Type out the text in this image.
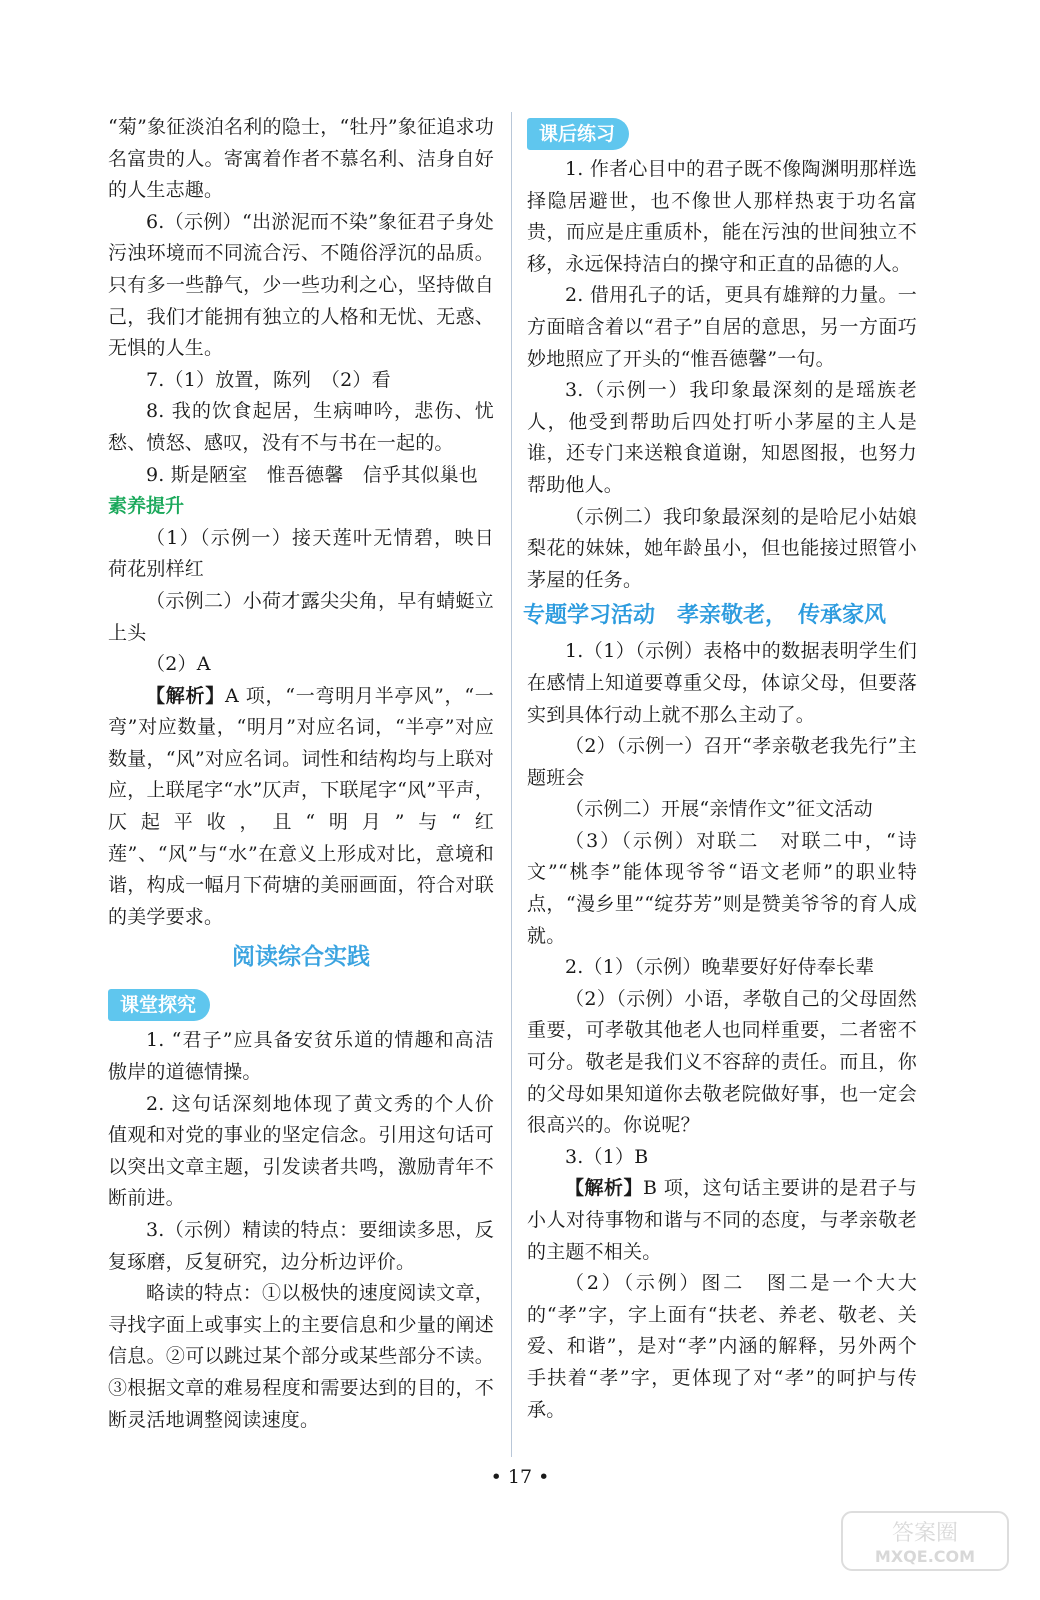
“菊”象征淡泊名利的隐士，“牡丹”象征追求功名富贵的人。寄寓着作者不慕名利、洁身自好的人生志趣。

6.（示例）“出淤泥而不染”象征君子身处污浊环境而不同流合污、不随俗浮沉的品质。只有多一些静气，少一些功利之心，坚持做自己，我们才能拥有独立的人格和无忧、无惑、无惧的人生。

7.（1）放置，陈列　（2）看

8. 我的饮食起居，生病呻吟，悲伤、忧愁、愤怒、感叹，没有不与书在一起的。

9. 斯是陋室　惟吾德馨　信乎其似巢也

素养提升

（1）（示例一）接天莲叶无情碧，映日荷花别样红

（示例二）小荷才露尖尖角，早有蜻蜓立上头

（2）A

【解析】A 项，“一弯明月半亭风”，“一弯”对应数量，“明月”对应名词，“半亭”对应数量，“风”对应名词。词性和结构均与上联对应，上联尾字“水”仄声，下联尾字“风”平声，仄起平收，且“明月”与“红莲”、“风”与“水”在意义上形成对比，意境和谐，构成一幅月下荷塘的美丽画面，符合对联的美学要求。

阅读综合实践
课堂探究

1. “君子”应具备安贫乐道的情趣和高洁傲岸的道德情操。

2. 这句话深刻地体现了黄文秀的个人价值观和对党的事业的坚定信念。引用这句话可以突出文章主题，引发读者共鸣，激励青年不断前进。

3.（示例）精读的特点：要细读多思，反复琢磨，反复研究，边分析边评价。

略读的特点：①以极快的速度阅读文章，寻找字面上或事实上的主要信息和少量的阐述信息。②可以跳过某个部分或某些部分不读。③根据文章的难易程度和需要达到的目的，不断灵活地调整阅读速度。

课后练习

1. 作者心目中的君子既不像陶渊明那样选择隐居避世，也不像世人那样热衷于功名富贵，而应是庄重质朴，能在污浊的世间独立不移，永远保持洁白的操守和正直的品德的人。

2. 借用孔子的话，更具有雄辩的力量。一方面暗含着以“君子”自居的意思，另一方面巧妙地照应了开头的“惟吾德馨”一句。

3.（示例一）我印象最深刻的是瑶族老人，他受到帮助后四处打听小茅屋的主人是谁，还专门来送粮食道谢，知恩图报，也努力帮助他人。

（示例二）我印象最深刻的是哈尼小姑娘梨花的妹妹，她年龄虽小，但也能接过照管小茅屋的任务。

专题学习活动　孝亲敬老，　传承家风

1.（1）（示例）表格中的数据表明学生们在感情上知道要尊重父母，体谅父母，但要落实到具体行动上就不那么主动了。

（2）（示例一）召开“孝亲敬老我先行”主题班会

（示例二）开展“亲情作文”征文活动

（3）（示例）对联二　对联二中，“诗文”“桃李”能体现爷爷“语文老师”的职业特点，“漫乡里”“绽芬芳”则是赞美爷爷的育人成就。

2.（1）（示例）晚辈要好好侍奉长辈

（2）（示例）小语，孝敬自己的父母固然重要，可孝敬其他老人也同样重要，二者密不可分。敬老是我们义不容辞的责任。而且，你的父母如果知道你去敬老院做好事，也一定会很高兴的。你说呢？

3.（1）B

【解析】B 项，这句话主要讲的是君子与小人对待事物和谐与不同的态度，与孝亲敬老的主题不相关。

（2）（示例）图二　图二是一个大大的“孝”字，字上面有“扶老、养老、敬老、关爱、和谐”，是对“孝”内涵的解释，另外两个手扶着“孝”字，更体现了对“孝”的呵护与传承。

• 17 •
答案圈
MXQE.COM
